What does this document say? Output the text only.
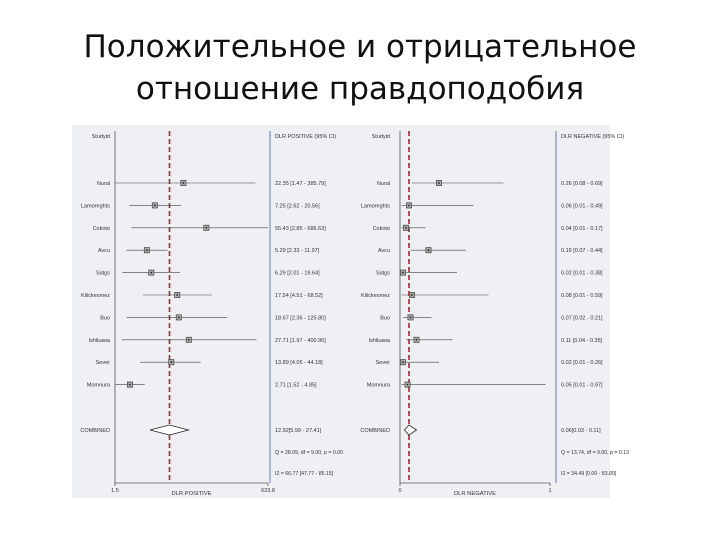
Положительное и отрицательное
отношение правдоподобия
Studyid	DLR POSITIVE (95% CI)
Nural	22.35 [1.47 - 385.79]
Lamoreghts	7.25 [2.62 - 20.56]
Cokoto	55.43 [2.85 - 686.63]
Avcu	5.29 [2.33 - 11.97]
Satgs	6.29 [2.01 - 19.64]
Kilickesmez	17.54 [4.51 - 68.52]
Buo	18.67 [2.36 - 125.80]
Ishikawa	27.71 [1.97 - 400.90]
Sever	13.89 [4.05 - 44.18]
Momnura	2.71 [1.52 - 4.85]
COMBINED	12.92[5.99 - 27.41]
Q = 28.09, df = 9.00, p = 0.00
I2 = 66.77 [47.77 - 85.15]
1.5	633.8
DLR POSITIVE
Studyid	DLR NEGATIVE (95% CI)
Nural	0.26 [0.08 - 0.69]
Lamoreghts	0.06 [0.01 - 0.49]
Cokoto	0.04 [0.01 - 0.17]
Avcu	0.19 [0.07 - 0.44]
Satgs	0.02 [0.01 - 0.38]
Kilickesmez	0.08 [0.01 - 0.59]
Buo	0.07 [0.02 - 0.21]
Ishikawa	0.11 [0.04 - 0.35]
Sever	0.02 [0.01 - 0.26]
Momnura	0.05 [0.01 - 0.97]
COMBINED	0.06[0.03 - 0.11]
Q = 13.74, df = 9.00, p = 0.13
I2 = 34.49 [0.00 - 83.89]
0	1
DLR NEGATIVE
